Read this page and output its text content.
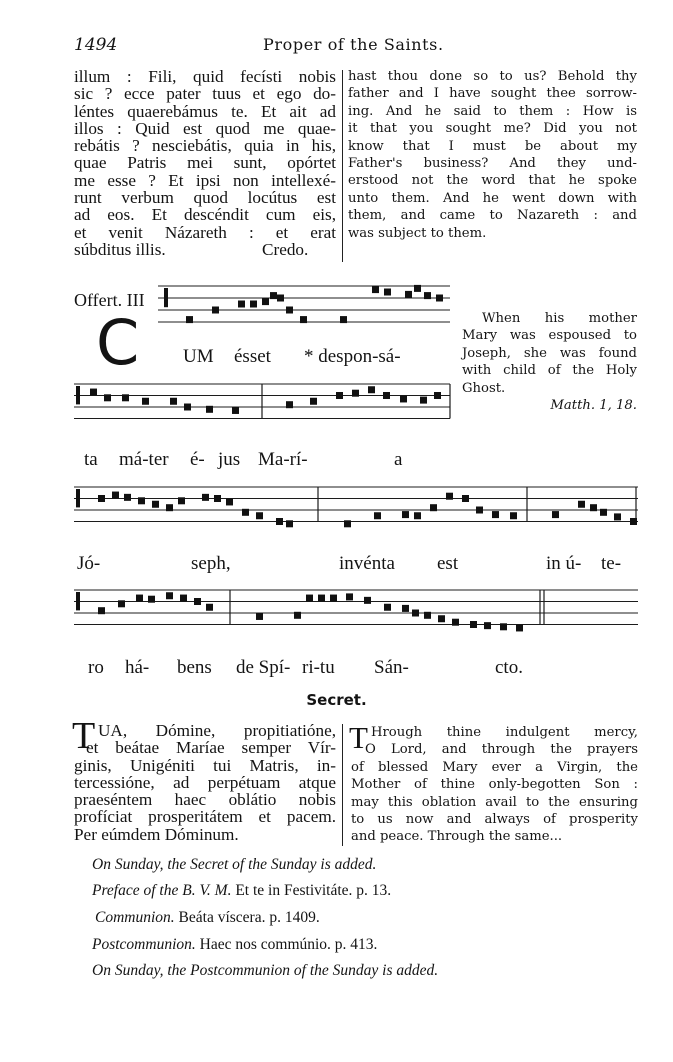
1494	Proper of the Saints.
illum : Fili, quid fecísti nobis
sic ? ecce pater tuus et ego do-
léntes quaerebámus te. Et ait ad
illos : Quid est quod me quae-
rebátis ? nesciebátis, quia in his,
quae Patris mei sunt, opórtet
me esse ? Et ipsi non intellexé-
runt verbum quod locútus est
ad eos. Et descéndit cum eis,
et venit Názareth : et erat
súbditus illis.	Credo.
hast thou done so to us? Behold thy
father and I have sought thee sorrow-
ing. And he said to them : How is
it that you sought me? Did you not
know that I must be about my
Father's business? And they und-
erstood not the word that he spoke
unto them. And he went down with
them, and came to Nazareth : and
was subject to them.
Offert. III
C	When his mother
Mary was espoused to
Joseph, she was found
with child of the Holy
Ghost.
Matth. 1, 18.
UM ésset * despon-sá-
ta má-ter é- jus Ma-rí-	a
Jó-	seph,	invénta est	in ú- te-
ro há- bens de Spí- ri-tu Sán-	cto.
Secret.
T UA, Dómine, propitiatióne,
et beátae Maríae semper Vír-
ginis, Unigéniti tui Matris, in-
tercessióne, ad perpétuam atque
praeséntem haec oblátio nobis
profíciat prosperitátem et pacem.
Per eúmdem Dóminum.
T Hrough thine indulgent mercy,
O Lord, and through the prayers
of blessed Mary ever a Virgin, the
Mother of thine only-begotten Son :
may this oblation avail to the ensuring
to us now and always of prosperity
and peace. Through the same...
On Sunday, the Secret of the Sunday is added.
Preface of the B. V. M. Et te in Festivitáte. p. 13.
Communion. Beáta víscera. p. 1409.
Postcommunion. Haec nos commúnio. p. 413.
On Sunday, the Postcommunion of the Sunday is added.
